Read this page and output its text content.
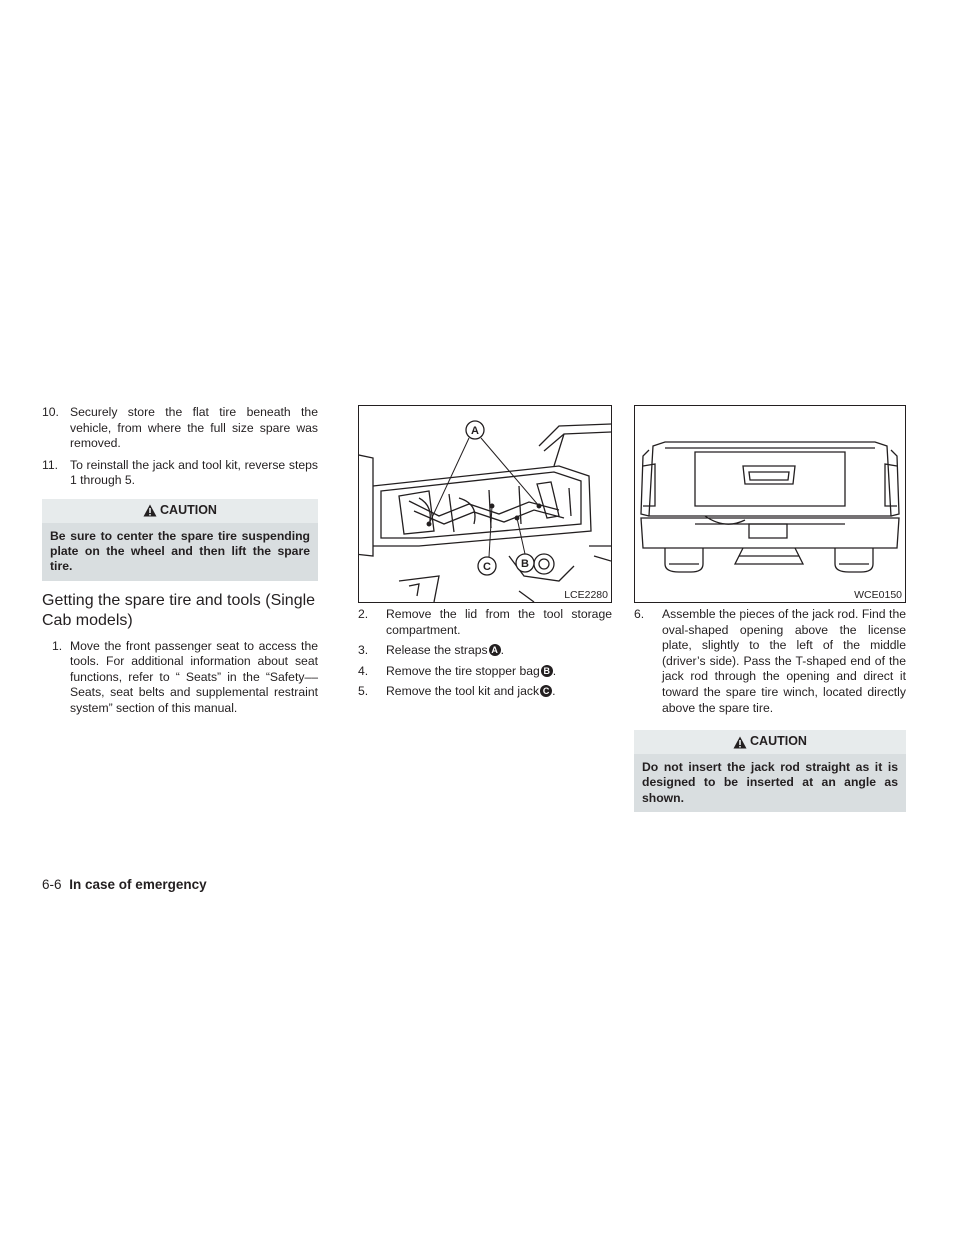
10. Securely store the flat tire beneath the vehicle, from where the full size spare was removed.
11. To reinstall the jack and tool kit, reverse steps 1 through 5.
CAUTION
Be sure to center the spare tire suspending plate on the wheel and then lift the spare tire.
Getting the spare tire and tools (Single Cab models)
1. Move the front passenger seat to access the tools. For additional information about seat functions, refer to “ Seats” in the “Safety––Seats, seat belts and supplemental restraint system” section of this manual.
A
C	B
LCE2280
2. Remove the lid from the tool storage compartment.
3. Release the straps A .
4. Remove the tire stopper bag B .
5. Remove the tool kit and jack C .
WCE0150
6. Assemble the pieces of the jack rod. Find the oval-shaped opening above the license plate, slightly to the left of the middle (driver’s side). Pass the T-shaped end of the jack rod through the opening and direct it toward the spare tire winch, located directly above the spare tire.
CAUTION
Do not insert the jack rod straight as it is designed to be inserted at an angle as shown.
6-6 In case of emergency
